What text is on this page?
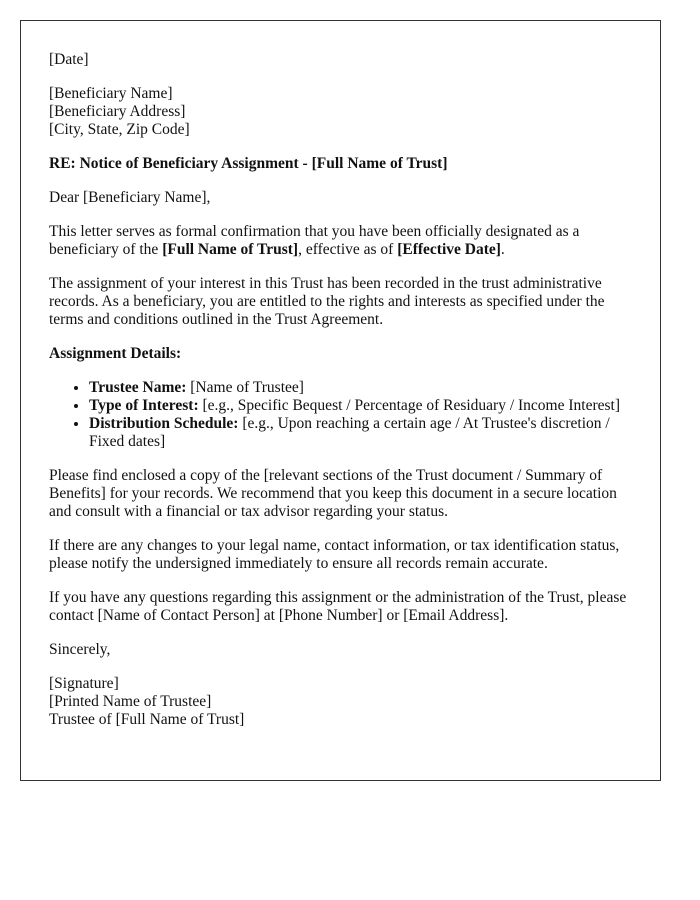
[Date]

[Beneficiary Name]
[Beneficiary Address]
[City, State, Zip Code]

RE: Notice of Beneficiary Assignment - [Full Name of Trust]

Dear [Beneficiary Name],

This letter serves as formal confirmation that you have been officially designated as a beneficiary of the [Full Name of Trust], effective as of [Effective Date].

The assignment of your interest in this Trust has been recorded in the trust administrative records. As a beneficiary, you are entitled to the rights and interests as specified under the terms and conditions outlined in the Trust Agreement.

Assignment Details:

• Trustee Name: [Name of Trustee]
• Type of Interest: [e.g., Specific Bequest / Percentage of Residuary / Income Interest]
• Distribution Schedule: [e.g., Upon reaching a certain age / At Trustee's discretion / Fixed dates]

Please find enclosed a copy of the [relevant sections of the Trust document / Summary of Benefits] for your records. We recommend that you keep this document in a secure location and consult with a financial or tax advisor regarding your status.

If there are any changes to your legal name, contact information, or tax identification status, please notify the undersigned immediately to ensure all records remain accurate.

If you have any questions regarding this assignment or the administration of the Trust, please contact [Name of Contact Person] at [Phone Number] or [Email Address].

Sincerely,

[Signature]
[Printed Name of Trustee]
Trustee of [Full Name of Trust]
